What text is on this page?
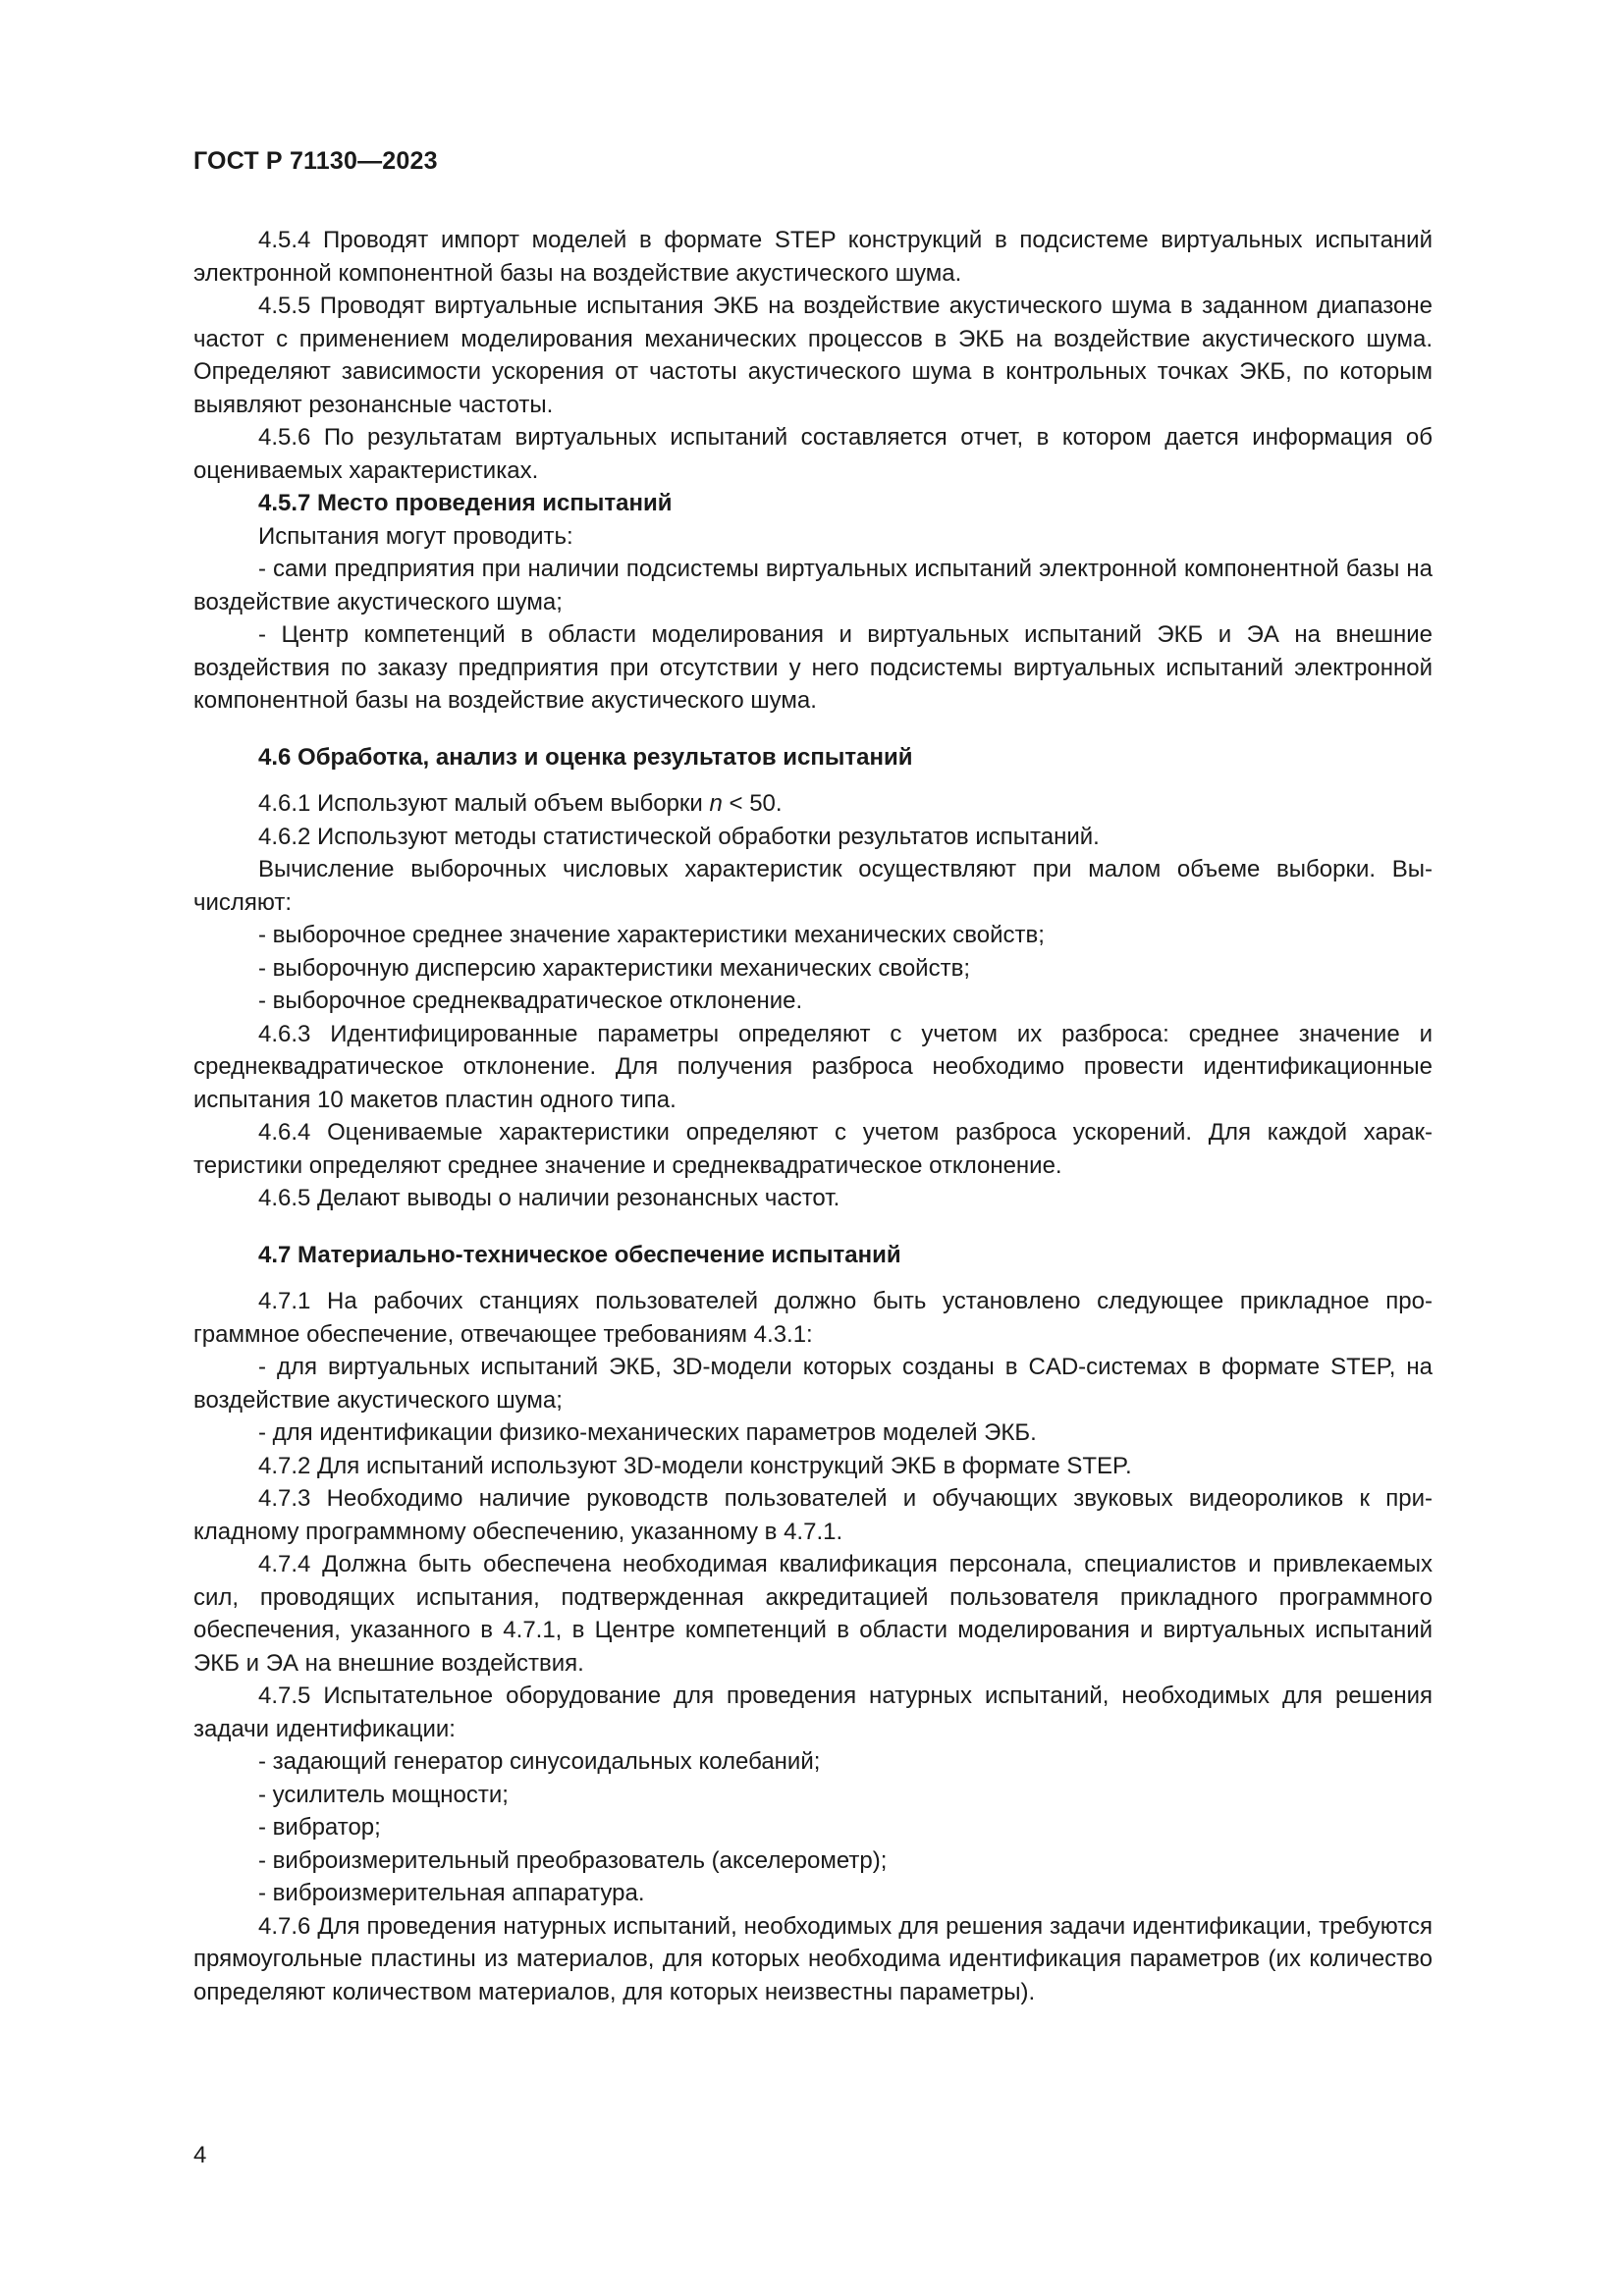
ГОСТ Р 71130—2023

4.5.4 Проводят импорт моделей в формате STEP конструкций в подсистеме виртуальных испытаний электронной компонентной базы на воздействие акустического шума.

4.5.5 Проводят виртуальные испытания ЭКБ на воздействие акустического шума в заданном диапазоне частот с применением моделирования механических процессов в ЭКБ на воздействие акустического шума. Определяют зависимости ускорения от частоты акустического шума в контрольных точках ЭКБ, по которым выявляют резонансные частоты.

4.5.6 По результатам виртуальных испытаний составляется отчет, в котором дается информация об оцениваемых характеристиках.

4.5.7 Место проведения испытаний

Испытания могут проводить:

- сами предприятия при наличии подсистемы виртуальных испытаний электронной компонентной базы на воздействие акустического шума;

- Центр компетенций в области моделирования и виртуальных испытаний ЭКБ и ЭА на внешние воздействия по заказу предприятия при отсутствии у него подсистемы виртуальных испытаний электронной компонентной базы на воздействие акустического шума.

4.6 Обработка, анализ и оценка результатов испытаний

4.6.1 Используют малый объем выборки n < 50.

4.6.2 Используют методы статистической обработки результатов испытаний.

Вычисление выборочных числовых характеристик осуществляют при малом объеме выборки. Вычисляют:

- выборочное среднее значение характеристики механических свойств;

- выборочную дисперсию характеристики механических свойств;

- выборочное среднеквадратическое отклонение.

4.6.3 Идентифицированные параметры определяют с учетом их разброса: среднее значение и среднеквадратическое отклонение. Для получения разброса необходимо провести идентификационные испытания 10 макетов пластин одного типа.

4.6.4 Оцениваемые характеристики определяют с учетом разброса ускорений. Для каждой характеристики определяют среднее значение и среднеквадратическое отклонение.

4.6.5 Делают выводы о наличии резонансных частот.

4.7 Материально-техническое обеспечение испытаний

4.7.1 На рабочих станциях пользователей должно быть установлено следующее прикладное программное обеспечение, отвечающее требованиям 4.3.1:

- для виртуальных испытаний ЭКБ, 3D-модели которых созданы в CAD-системах в формате STEP, на воздействие акустического шума;

- для идентификации физико-механических параметров моделей ЭКБ.

4.7.2 Для испытаний используют 3D-модели конструкций ЭКБ в формате STEP.

4.7.3 Необходимо наличие руководств пользователей и обучающих звуковых видеороликов к прикладному программному обеспечению, указанному в 4.7.1.

4.7.4 Должна быть обеспечена необходимая квалификация персонала, специалистов и привлекаемых сил, проводящих испытания, подтвержденная аккредитацией пользователя прикладного программного обеспечения, указанного в 4.7.1, в Центре компетенций в области моделирования и виртуальных испытаний ЭКБ и ЭА на внешние воздействия.

4.7.5 Испытательное оборудование для проведения натурных испытаний, необходимых для решения задачи идентификации:

- задающий генератор синусоидальных колебаний;

- усилитель мощности;

- вибратор;

- виброизмерительный преобразователь (акселерометр);

- виброизмерительная аппаратура.

4.7.6 Для проведения натурных испытаний, необходимых для решения задачи идентификации, требуются прямоугольные пластины из материалов, для которых необходима идентификация параметров (их количество определяют количеством материалов, для которых неизвестны параметры).

4
